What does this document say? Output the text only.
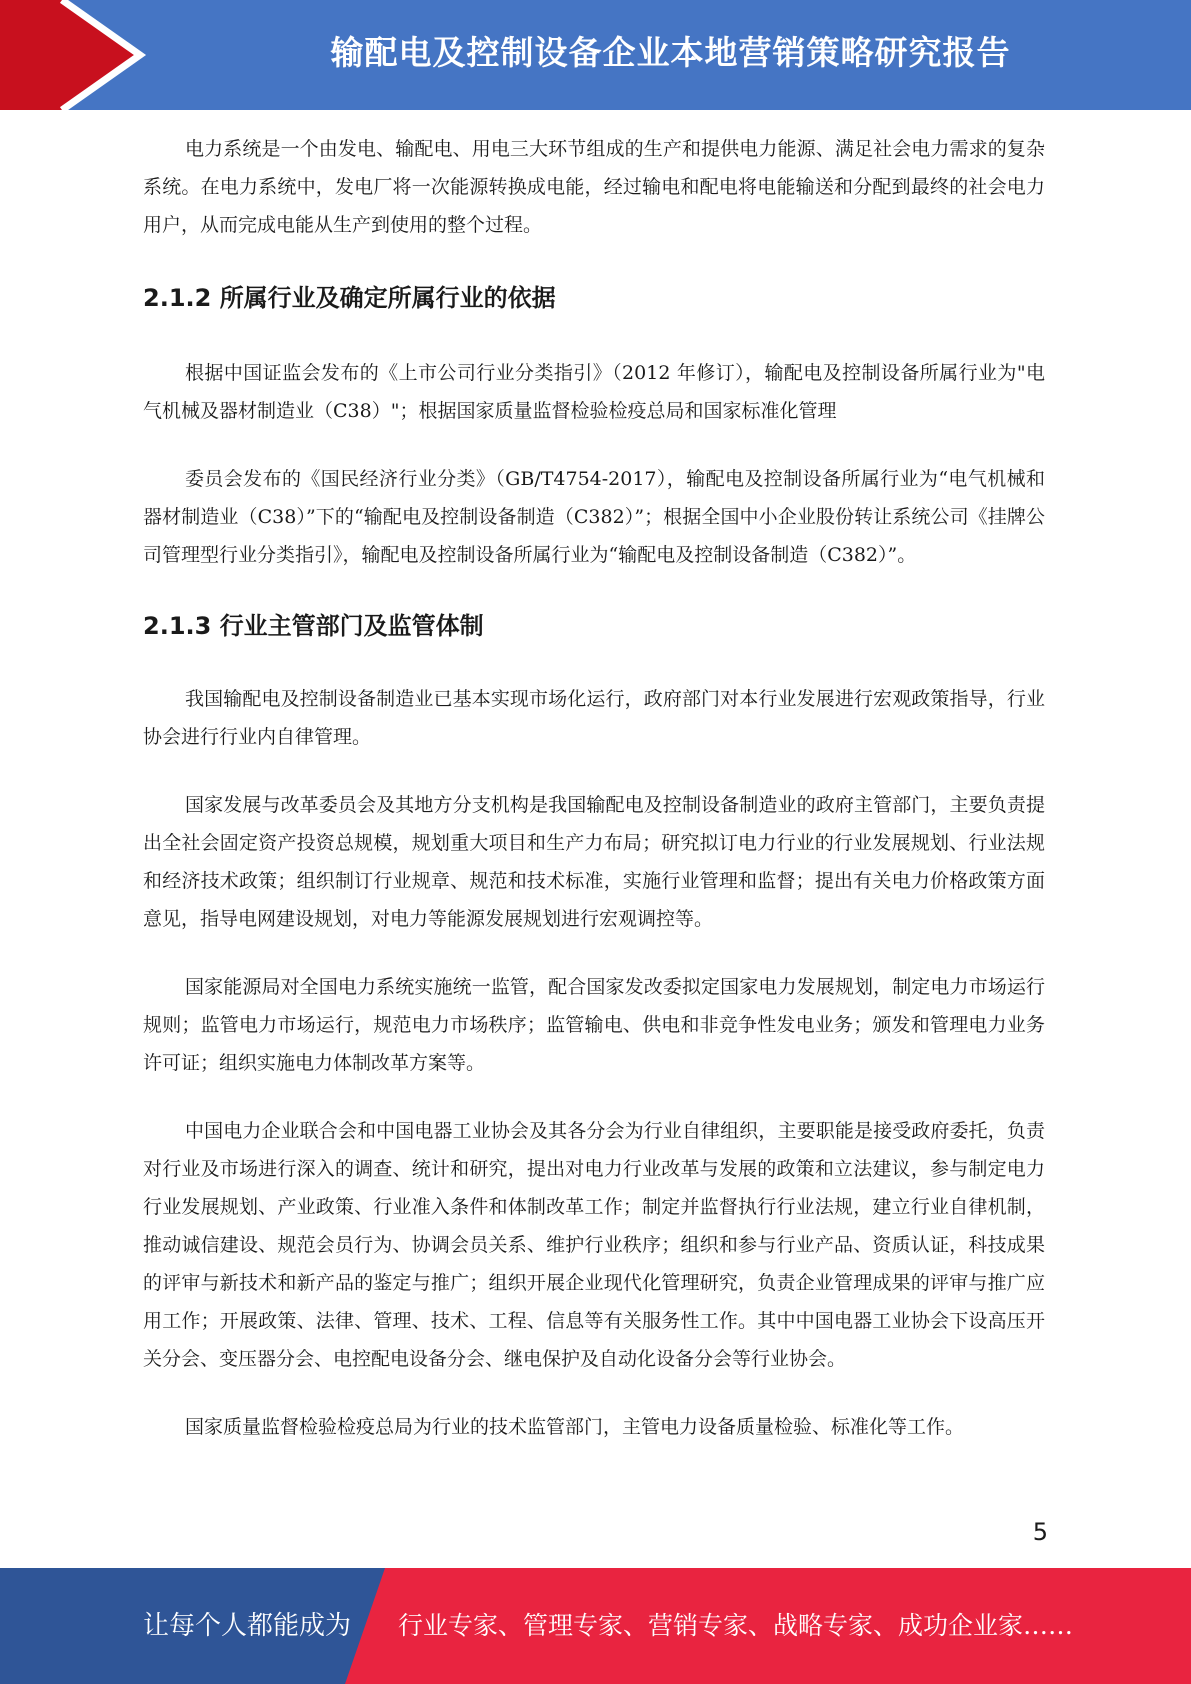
输配电及控制设备企业本地营销策略研究报告

电力系统是一个由发电、输配电、用电三大环节组成的生产和提供电力能源、满足社会电力需求的复杂系统。在电力系统中，发电厂将一次能源转换成电能，经过输电和配电将电能输送和分配到最终的社会电力用户，从而完成电能从生产到使用的整个过程。

2.1.2 所属行业及确定所属行业的依据

根据中国证监会发布的《上市公司行业分类指引》（2012 年修订），输配电及控制设备所属行业为"电气机械及器材制造业（C38）"；根据国家质量监督检验检疫总局和国家标准化管理

委员会发布的《国民经济行业分类》（GB/T4754-2017），输配电及控制设备所属行业为“电气机械和器材制造业（C38）”下的“输配电及控制设备制造（C382）”；根据全国中小企业股份转让系统公司《挂牌公司管理型行业分类指引》，输配电及控制设备所属行业为“输配电及控制设备制造（C382）”。

2.1.3 行业主管部门及监管体制

我国输配电及控制设备制造业已基本实现市场化运行，政府部门对本行业发展进行宏观政策指导，行业协会进行行业内自律管理。

国家发展与改革委员会及其地方分支机构是我国输配电及控制设备制造业的政府主管部门，主要负责提出全社会固定资产投资总规模，规划重大项目和生产力布局；研究拟订电力行业的行业发展规划、行业法规和经济技术政策；组织制订行业规章、规范和技术标准，实施行业管理和监督；提出有关电力价格政策方面意见，指导电网建设规划，对电力等能源发展规划进行宏观调控等。

国家能源局对全国电力系统实施统一监管，配合国家发改委拟定国家电力发展规划，制定电力市场运行规则；监管电力市场运行，规范电力市场秩序；监管输电、供电和非竞争性发电业务；颁发和管理电力业务许可证；组织实施电力体制改革方案等。

中国电力企业联合会和中国电器工业协会及其各分会为行业自律组织，主要职能是接受政府委托，负责对行业及市场进行深入的调查、统计和研究，提出对电力行业改革与发展的政策和立法建议，参与制定电力行业发展规划、产业政策、行业准入条件和体制改革工作；制定并监督执行行业法规，建立行业自律机制，推动诚信建设、规范会员行为、协调会员关系、维护行业秩序；组织和参与行业产品、资质认证，科技成果的评审与新技术和新产品的鉴定与推广；组织开展企业现代化管理研究，负责企业管理成果的评审与推广应用工作；开展政策、法律、管理、技术、工程、信息等有关服务性工作。其中中国电器工业协会下设高压开关分会、变压器分会、电控配电设备分会、继电保护及自动化设备分会等行业协会。

国家质量监督检验检疫总局为行业的技术监管部门，主管电力设备质量检验、标准化等工作。

5
让每个人都能成为 行业专家、管理专家、营销专家、战略专家、成功企业家……
